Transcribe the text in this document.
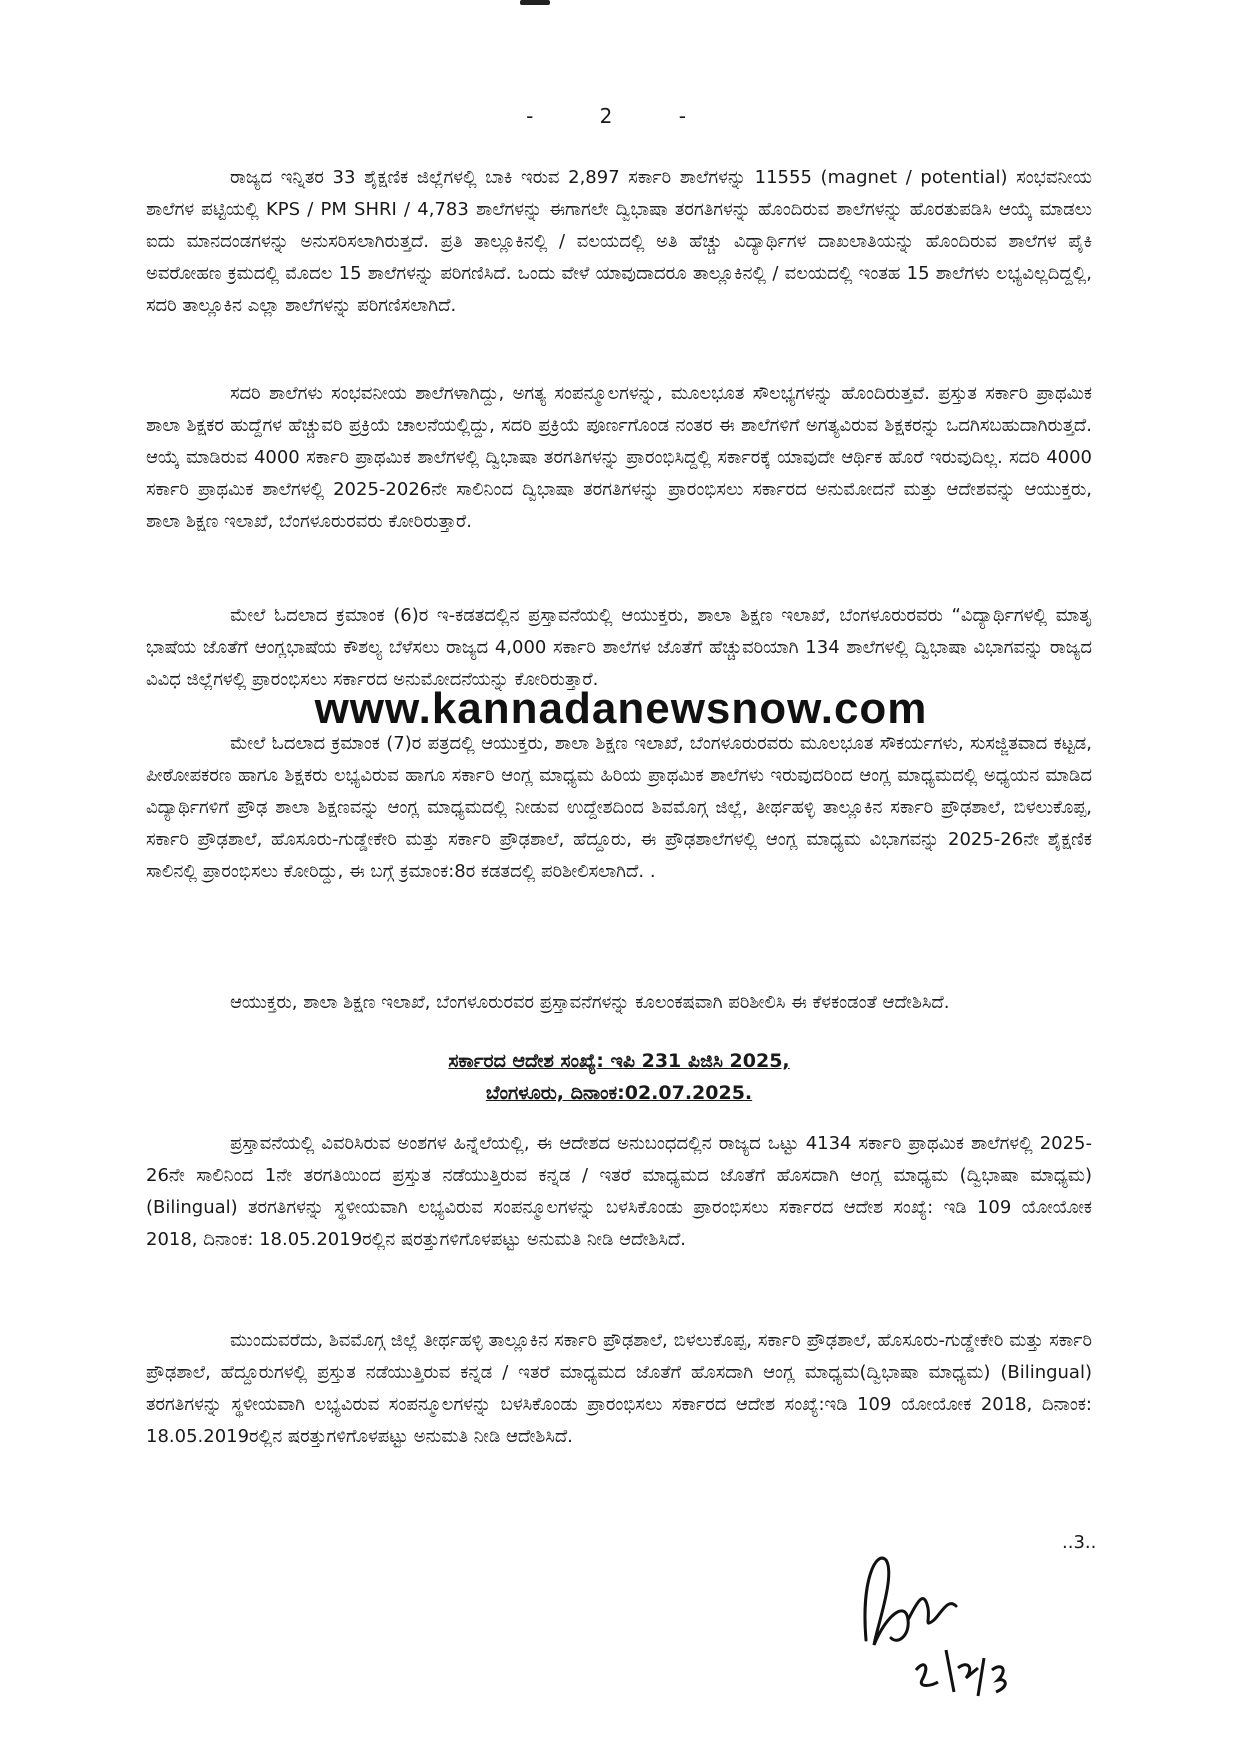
- 2 -

ರಾಜ್ಯದ ಇನ್ನಿತರ 33 ಶೈಕ್ಷಣಿಕ ಜಿಲ್ಲೆಗಳಲ್ಲಿ ಬಾಕಿ ಇರುವ 2,897 ಸರ್ಕಾರಿ ಶಾಲೆಗಳನ್ನು 11555 (magnet / potential) ಸಂಭವನೀಯ ಶಾಲೆಗಳ ಪಟ್ಟಿಯಲ್ಲಿ KPS / PM SHRI / 4,783 ಶಾಲೆಗಳನ್ನು ಈಗಾಗಲೇ ದ್ವಿಭಾಷಾ ತರಗತಿಗಳನ್ನು ಹೊಂದಿರುವ ಶಾಲೆಗಳನ್ನು ಹೊರತುಪಡಿಸಿ ಆಯ್ಕೆ ಮಾಡಲು ಐದು ಮಾನದಂಡಗಳನ್ನು ಅನುಸರಿಸಲಾಗಿರುತ್ತದೆ. ಪ್ರತಿ ತಾಲ್ಲೂಕಿನಲ್ಲಿ / ವಲಯದಲ್ಲಿ ಅತಿ ಹೆಚ್ಚು ವಿದ್ಯಾರ್ಥಿಗಳ ದಾಖಲಾತಿಯನ್ನು ಹೊಂದಿರುವ ಶಾಲೆಗಳ ಪೈಕಿ ಅವರೋಹಣ ಕ್ರಮದಲ್ಲಿ ಮೊದಲ 15 ಶಾಲೆಗಳನ್ನು ಪರಿಗಣಿಸಿದೆ. ಒಂದು ವೇಳೆ ಯಾವುದಾದರೂ ತಾಲ್ಲೂಕಿನಲ್ಲಿ / ವಲಯದಲ್ಲಿ ಇಂತಹ 15 ಶಾಲೆಗಳು ಲಭ್ಯವಿಲ್ಲದಿದ್ದಲ್ಲಿ, ಸದರಿ ತಾಲ್ಲೂಕಿನ ಎಲ್ಲಾ ಶಾಲೆಗಳನ್ನು ಪರಿಗಣಿಸಲಾಗಿದೆ.

ಸದರಿ ಶಾಲೆಗಳು ಸಂಭವನೀಯ ಶಾಲೆಗಳಾಗಿದ್ದು, ಅಗತ್ಯ ಸಂಪನ್ಮೂಲಗಳನ್ನು, ಮೂಲಭೂತ ಸೌಲಭ್ಯಗಳನ್ನು ಹೊಂದಿರುತ್ತವೆ. ಪ್ರಸ್ತುತ ಸರ್ಕಾರಿ ಪ್ರಾಥಮಿಕ ಶಾಲಾ ಶಿಕ್ಷಕರ ಹುದ್ದೆಗಳ ಹೆಚ್ಚುವರಿ ಪ್ರಕ್ರಿಯೆ ಚಾಲನೆಯಲ್ಲಿದ್ದು, ಸದರಿ ಪ್ರಕ್ರಿಯೆ ಪೂರ್ಣಗೊಂಡ ನಂತರ ಈ ಶಾಲೆಗಳಿಗೆ ಅಗತ್ಯವಿರುವ ಶಿಕ್ಷಕರನ್ನು ಒದಗಿಸಬಹುದಾಗಿರುತ್ತದೆ. ಆಯ್ಕೆ ಮಾಡಿರುವ 4000 ಸರ್ಕಾರಿ ಪ್ರಾಥಮಿಕ ಶಾಲೆಗಳಲ್ಲಿ ದ್ವಿಭಾಷಾ ತರಗತಿಗಳನ್ನು ಪ್ರಾರಂಭಿಸಿದ್ದಲ್ಲಿ ಸರ್ಕಾರಕ್ಕೆ ಯಾವುದೇ ಆರ್ಥಿಕ ಹೊರೆ ಇರುವುದಿಲ್ಲ. ಸದರಿ 4000 ಸರ್ಕಾರಿ ಪ್ರಾಥಮಿಕ ಶಾಲೆಗಳಲ್ಲಿ 2025-2026ನೇ ಸಾಲಿನಿಂದ ದ್ವಿಭಾಷಾ ತರಗತಿಗಳನ್ನು ಪ್ರಾರಂಭಿಸಲು ಸರ್ಕಾರದ ಅನುಮೋದನೆ ಮತ್ತು ಆದೇಶವನ್ನು ಆಯುಕ್ತರು, ಶಾಲಾ ಶಿಕ್ಷಣ ಇಲಾಖೆ, ಬೆಂಗಳೂರುರವರು ಕೋರಿರುತ್ತಾರೆ.

ಮೇಲೆ ಓದಲಾದ ಕ್ರಮಾಂಕ (6)ರ ಇ-ಕಡತದಲ್ಲಿನ ಪ್ರಸ್ತಾವನೆಯಲ್ಲಿ ಆಯುಕ್ತರು, ಶಾಲಾ ಶಿಕ್ಷಣ ಇಲಾಖೆ, ಬೆಂಗಳೂರುರವರು “ವಿದ್ಯಾರ್ಥಿಗಳಲ್ಲಿ ಮಾತೃ ಭಾಷೆಯ ಜೊತೆಗೆ ಆಂಗ್ಲಭಾಷೆಯ ಕೌಶಲ್ಯ ಬೆಳೆಸಲು ರಾಜ್ಯದ 4,000 ಸರ್ಕಾರಿ ಶಾಲೆಗಳ ಜೊತೆಗೆ ಹೆಚ್ಚುವರಿಯಾಗಿ 134 ಶಾಲೆಗಳಲ್ಲಿ ದ್ವಿಭಾಷಾ ವಿಭಾಗವನ್ನು ರಾಜ್ಯದ ವಿವಿಧ ಜಿಲ್ಲೆಗಳಲ್ಲಿ ಪ್ರಾರಂಭಿಸಲು ಸರ್ಕಾರದ ಅನುಮೋದನೆಯನ್ನು ಕೋರಿರುತ್ತಾರೆ.

ಮೇಲೆ ಓದಲಾದ ಕ್ರಮಾಂಕ (7)ರ ಪತ್ರದಲ್ಲಿ ಆಯುಕ್ತರು, ಶಾಲಾ ಶಿಕ್ಷಣ ಇಲಾಖೆ, ಬೆಂಗಳೂರುರವರು ಮೂಲಭೂತ ಸೌಕರ್ಯಗಳು, ಸುಸಜ್ಜಿತವಾದ ಕಟ್ಟಡ, ಪೀಠೋಪಕರಣ ಹಾಗೂ ಶಿಕ್ಷಕರು ಲಭ್ಯವಿರುವ ಹಾಗೂ ಸರ್ಕಾರಿ ಆಂಗ್ಲ ಮಾಧ್ಯಮ ಹಿರಿಯ ಪ್ರಾಥಮಿಕ ಶಾಲೆಗಳು ಇರುವುದರಿಂದ ಆಂಗ್ಲ ಮಾಧ್ಯಮದಲ್ಲಿ ಅಧ್ಯಯನ ಮಾಡಿದ ವಿದ್ಯಾರ್ಥಿಗಳಿಗೆ ಪ್ರೌಢ ಶಾಲಾ ಶಿಕ್ಷಣವನ್ನು ಆಂಗ್ಲ ಮಾಧ್ಯಮದಲ್ಲಿ ನೀಡುವ ಉದ್ದೇಶದಿಂದ ಶಿವಮೊಗ್ಗ ಜಿಲ್ಲೆ, ತೀರ್ಥಹಳ್ಳಿ ತಾಲ್ಲೂಕಿನ ಸರ್ಕಾರಿ ಪ್ರೌಢಶಾಲೆ, ಬಿಳಲುಕೊಪ್ಪ, ಸರ್ಕಾರಿ ಪ್ರೌಢಶಾಲೆ, ಹೊಸೂರು-ಗುಡ್ಡೇಕೇರಿ ಮತ್ತು ಸರ್ಕಾರಿ ಪ್ರೌಢಶಾಲೆ, ಹೆದ್ದೂರು, ಈ ಪ್ರೌಢಶಾಲೆಗಳಲ್ಲಿ ಆಂಗ್ಲ ಮಾಧ್ಯಮ ವಿಭಾಗವನ್ನು 2025-26ನೇ ಶೈಕ್ಷಣಿಕ ಸಾಲಿನಲ್ಲಿ ಪ್ರಾರಂಭಿಸಲು ಕೋರಿದ್ದು, ಈ ಬಗ್ಗೆ ಕ್ರಮಾಂಕ:8ರ ಕಡತದಲ್ಲಿ ಪರಿಶೀಲಿಸಲಾಗಿದೆ. .

ಆಯುಕ್ತರು, ಶಾಲಾ ಶಿಕ್ಷಣ ಇಲಾಖೆ, ಬೆಂಗಳೂರುರವರ ಪ್ರಸ್ತಾವನೆಗಳನ್ನು ಕೂಲಂಕಷವಾಗಿ ಪರಿಶೀಲಿಸಿ ಈ ಕೆಳಕಂಡಂತೆ ಆದೇಶಿಸಿದೆ.

ಸರ್ಕಾರದ ಆದೇಶ ಸಂಖ್ಯೆ: ಇಪಿ 231 ಪಿಜಿಸಿ 2025,

ಬೆಂಗಳೂರು, ದಿನಾಂಕ:02.07.2025.

ಪ್ರಸ್ತಾವನೆಯಲ್ಲಿ ವಿವರಿಸಿರುವ ಅಂಶಗಳ ಹಿನ್ನೆಲೆಯಲ್ಲಿ, ಈ ಆದೇಶದ ಅನುಬಂಧದಲ್ಲಿನ ರಾಜ್ಯದ ಒಟ್ಟು 4134 ಸರ್ಕಾರಿ ಪ್ರಾಥಮಿಕ ಶಾಲೆಗಳಲ್ಲಿ 2025-26ನೇ ಸಾಲಿನಿಂದ 1ನೇ ತರಗತಿಯಿಂದ ಪ್ರಸ್ತುತ ನಡೆಯುತ್ತಿರುವ ಕನ್ನಡ / ಇತರೆ ಮಾಧ್ಯಮದ ಜೊತೆಗೆ ಹೊಸದಾಗಿ ಆಂಗ್ಲ ಮಾಧ್ಯಮ (ದ್ವಿಭಾಷಾ ಮಾಧ್ಯಮ) (Bilingual) ತರಗತಿಗಳನ್ನು ಸ್ಥಳೀಯವಾಗಿ ಲಭ್ಯವಿರುವ ಸಂಪನ್ಮೂಲಗಳನ್ನು ಬಳಸಿಕೊಂಡು ಪ್ರಾರಂಭಿಸಲು ಸರ್ಕಾರದ ಆದೇಶ ಸಂಖ್ಯೆ: ಇಡಿ 109 ಯೋಯೋಕ 2018, ದಿನಾಂಕ: 18.05.2019ರಲ್ಲಿನ ಷರತ್ತುಗಳಿಗೊಳಪಟ್ಟು ಅನುಮತಿ ನೀಡಿ ಆದೇಶಿಸಿದೆ.

ಮುಂದುವರೆದು, ಶಿವಮೊಗ್ಗ ಜಿಲ್ಲೆ ತೀರ್ಥಹಳ್ಳಿ ತಾಲ್ಲೂಕಿನ ಸರ್ಕಾರಿ ಪ್ರೌಢಶಾಲೆ, ಬಿಳಲುಕೊಪ್ಪ, ಸರ್ಕಾರಿ ಪ್ರೌಢಶಾಲೆ, ಹೊಸೂರು-ಗುಡ್ಡೇಕೇರಿ ಮತ್ತು ಸರ್ಕಾರಿ ಪ್ರೌಢಶಾಲೆ, ಹೆದ್ದೂರುಗಳಲ್ಲಿ ಪ್ರಸ್ತುತ ನಡೆಯುತ್ತಿರುವ ಕನ್ನಡ / ಇತರೆ ಮಾಧ್ಯಮದ ಜೊತೆಗೆ ಹೊಸದಾಗಿ ಆಂಗ್ಲ ಮಾಧ್ಯಮ(ದ್ವಿಭಾಷಾ ಮಾಧ್ಯಮ) (Bilingual) ತರಗತಿಗಳನ್ನು ಸ್ಥಳೀಯವಾಗಿ ಲಭ್ಯವಿರುವ ಸಂಪನ್ಮೂಲಗಳನ್ನು ಬಳಸಿಕೊಂಡು ಪ್ರಾರಂಭಿಸಲು ಸರ್ಕಾರದ ಆದೇಶ ಸಂಖ್ಯೆ:ಇಡಿ 109 ಯೋಯೋಕ 2018, ದಿನಾಂಕ: 18.05.2019ರಲ್ಲಿನ ಷರತ್ತುಗಳಿಗೊಳಪಟ್ಟು ಅನುಮತಿ ನೀಡಿ ಆದೇಶಿಸಿದೆ.

www.kannadanewsnow.com
..3..
